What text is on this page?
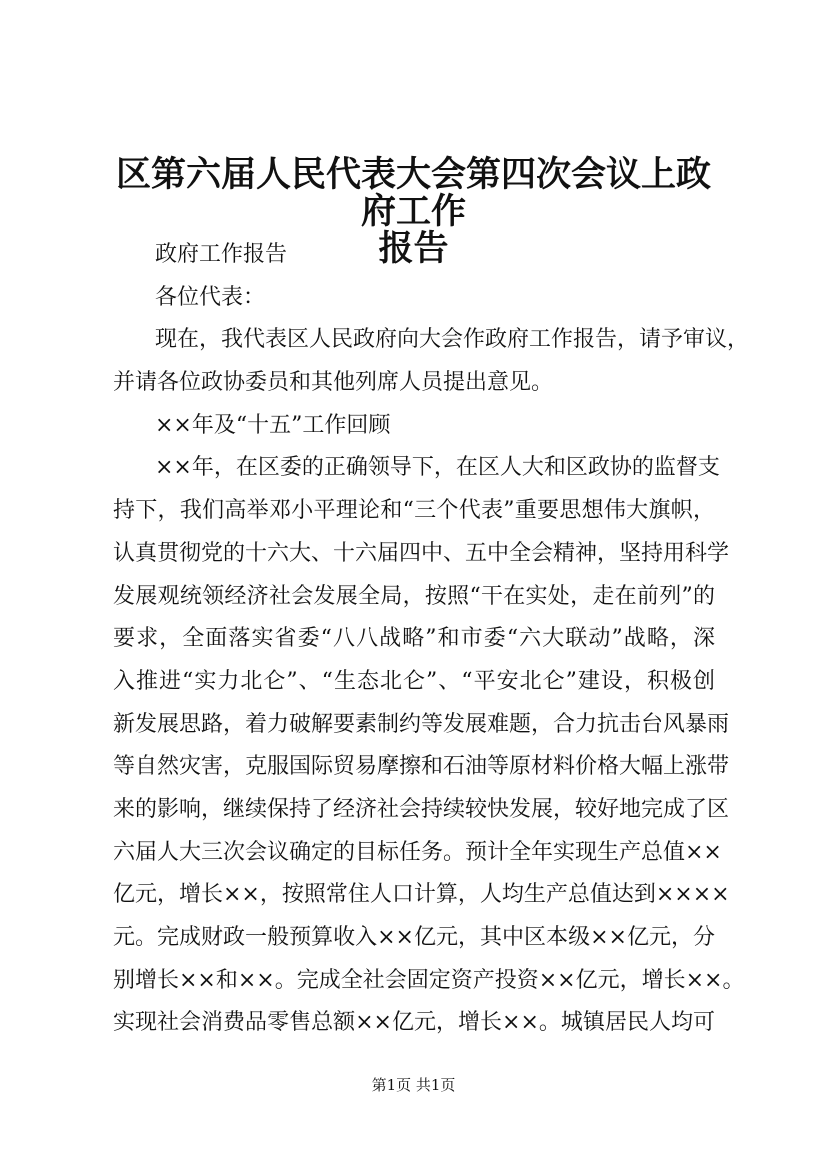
区第六届人民代表大会第四次会议上政府工作
报告
政府工作报告
各位代表：
现在，我代表区人民政府向大会作政府工作报告，请予审议，
并请各位政协委员和其他列席人员提出意见。
××年及“十五”工作回顾
××年，在区委的正确领导下，在区人大和区政协的监督支
持下，我们高举邓小平理论和“三个代表”重要思想伟大旗帜，
认真贯彻党的十六大、十六届四中、五中全会精神，坚持用科学
发展观统领经济社会发展全局，按照“干在实处，走在前列”的
要求，全面落实省委“八八战略”和市委“六大联动”战略，深
入推进“实力北仑”、“生态北仑”、“平安北仑”建设，积极创
新发展思路，着力破解要素制约等发展难题，合力抗击台风暴雨
等自然灾害，克服国际贸易摩擦和石油等原材料价格大幅上涨带
来的影响，继续保持了经济社会持续较快发展，较好地完成了区
六届人大三次会议确定的目标任务。预计全年实现生产总值××
亿元，增长××，按照常住人口计算，人均生产总值达到××××
元。完成财政一般预算收入××亿元，其中区本级××亿元，分
别增长××和××。完成全社会固定资产投资××亿元，增长××。
实现社会消费品零售总额××亿元，增长××。城镇居民人均可
第1页 共1页
